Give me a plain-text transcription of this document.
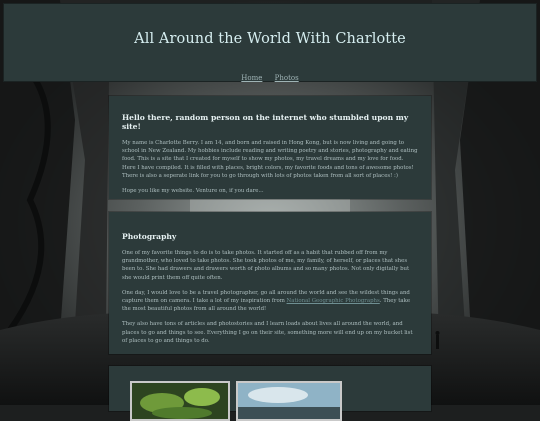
All Around the World With Charlotte
Home Photos
Hello there, random person on the internet who stumbled upon my site!

My name is Charlotte Berry. I am 14, and born and raised in Hong Kong, but is now living and going to school in New Zealand. My hobbies include reading and writing poetry and stories, photography and eating food. This is a site that I created for myself to show my photos, my travel dreams and my love for food. Here I have compiled. It is filled with places, bright colors, my favorite foods and tons of awesome photos! There is also a seperate link for you to go through with lots of photos taken from all sort of places! :)

Hope you like my website. Venture on, if you dare...

Photography

One of my favorite things to do is to take photos. It started off as a habit that rubbed off from my grandmother, who loved to take photos. She took photos of me, my family, of herself, or places that shes been to. She had drawers and drawers worth of photo albums and so many photos. Not only digitally but she would print them off quite often.

One day, I would love to be a travel photographer, go all around the world and see the wildest things and capture them on camera. I take a lot of my inspiration from National Geographic Photographs. They take the most beautiful photos from all around the world!

They also have tons of articles and photostories and I learn loads about lives all around the world, and places to go and things to see. Everything I go on their site, something more will end up on my bucket list of places to go and things to do.
